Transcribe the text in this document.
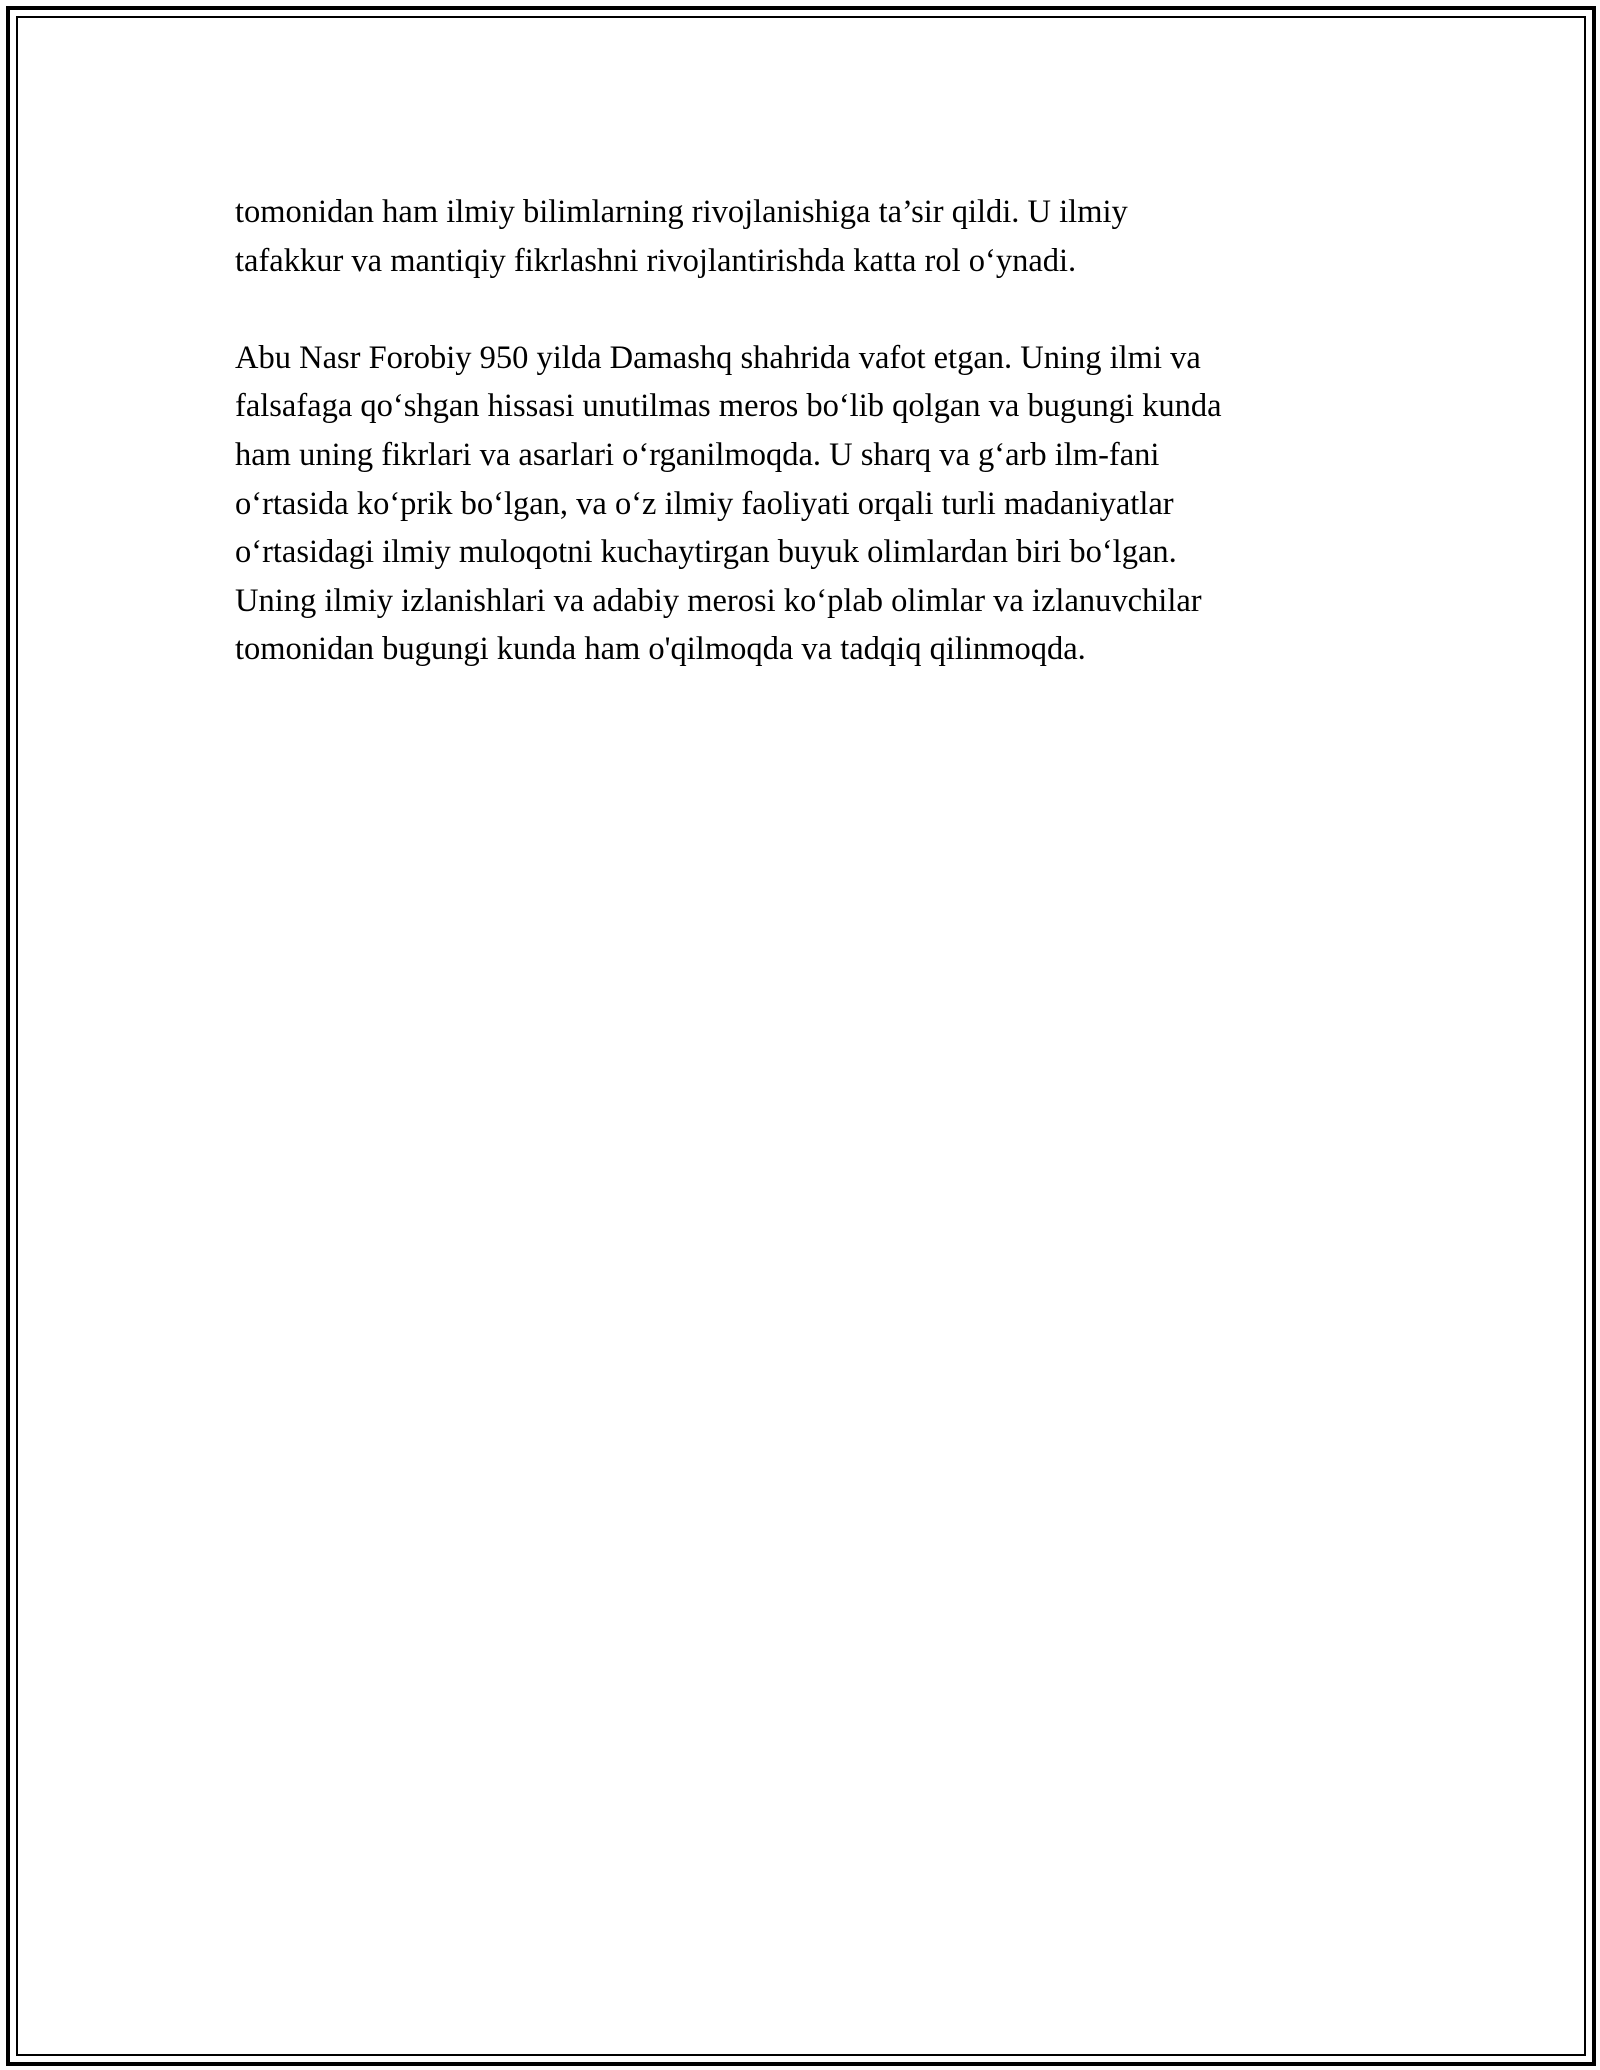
tomonidan ham ilmiy bilimlarning rivojlanishiga ta’sir qildi. U ilmiy
tafakkur va mantiqiy fikrlashni rivojlantirishda katta rol o‘ynadi.

Abu Nasr Forobiy 950 yilda Damashq shahrida vafot etgan. Uning ilmi va
falsafaga qo‘shgan hissasi unutilmas meros bo‘lib qolgan va bugungi kunda
ham uning fikrlari va asarlari o‘rganilmoqda. U sharq va g‘arb ilm-fani
o‘rtasida ko‘prik bo‘lgan, va o‘z ilmiy faoliyati orqali turli madaniyatlar
o‘rtasidagi ilmiy muloqotni kuchaytirgan buyuk olimlardan biri bo‘lgan.
Uning ilmiy izlanishlari va adabiy merosi ko‘plab olimlar va izlanuvchilar
tomonidan bugungi kunda ham o'qilmoqda va tadqiq qilinmoqda.
